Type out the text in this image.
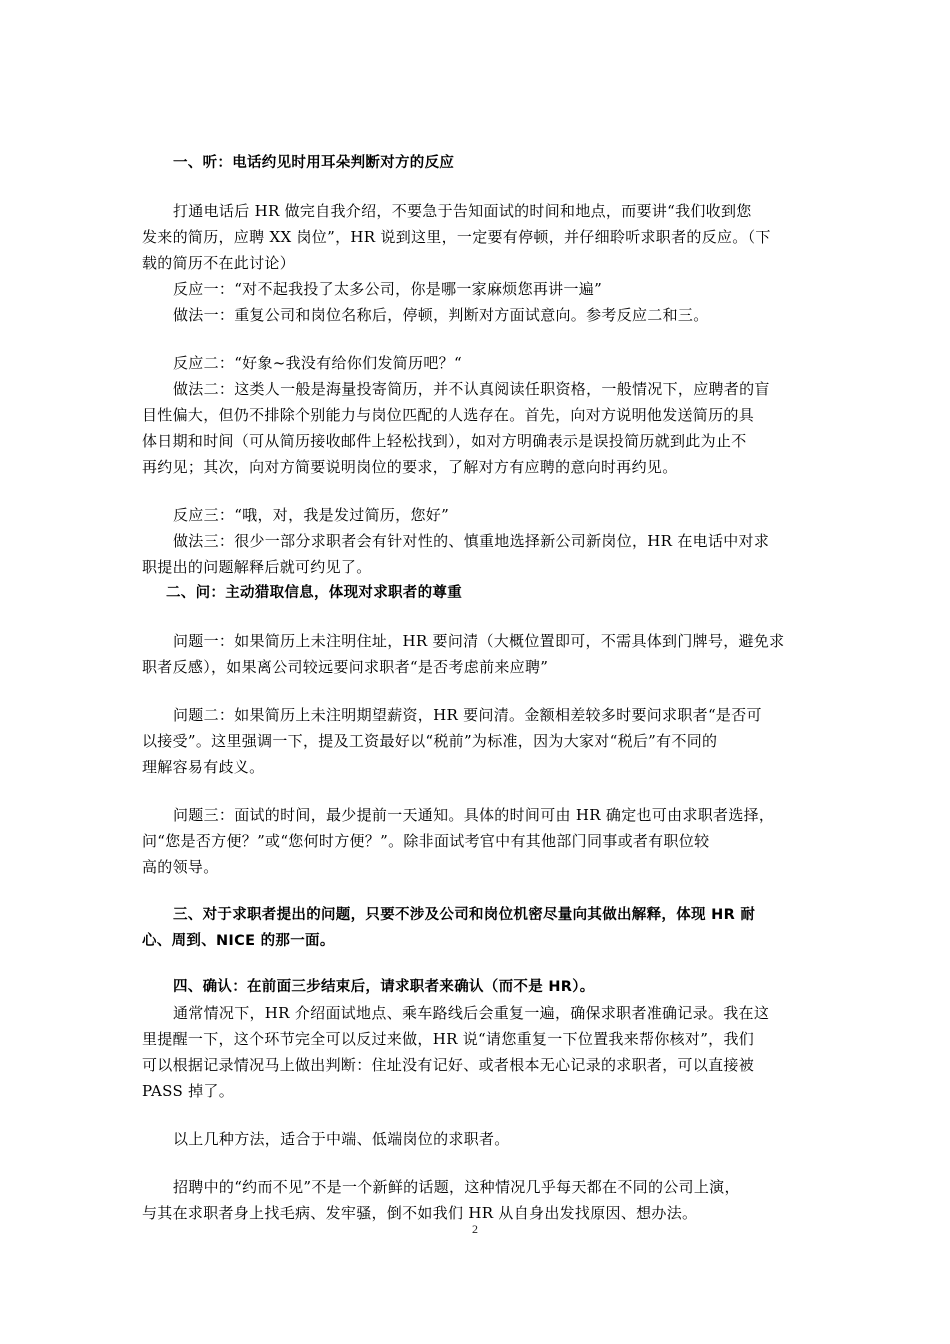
一、听：电话约见时用耳朵判断对方的反应
打通电话后 HR 做完自我介绍，不要急于告知面试的时间和地点，而要讲“我们收到您
发来的简历，应聘 XX 岗位”，HR 说到这里，一定要有停顿，并仔细聆听求职者的反应。（下
载的简历不在此讨论）
反应一：“对不起我投了太多公司，你是哪一家麻烦您再讲一遍”
做法一：重复公司和岗位名称后，停顿，判断对方面试意向。参考反应二和三。
反应二：“好象~我没有给你们发简历吧？“
做法二：这类人一般是海量投寄简历，并不认真阅读任职资格，一般情况下，应聘者的盲
目性偏大，但仍不排除个别能力与岗位匹配的人选存在。首先，向对方说明他发送简历的具
体日期和时间（可从简历接收邮件上轻松找到），如对方明确表示是误投简历就到此为止不
再约见；其次，向对方简要说明岗位的要求，了解对方有应聘的意向时再约见。
反应三：“哦，对，我是发过简历，您好”
做法三：很少一部分求职者会有针对性的、慎重地选择新公司新岗位，HR 在电话中对求
职提出的问题解释后就可约见了。
二、问：主动猎取信息，体现对求职者的尊重
问题一：如果简历上未注明住址，HR 要问清（大概位置即可，不需具体到门牌号，避免求
职者反感），如果离公司较远要问求职者“是否考虑前来应聘”
问题二：如果简历上未注明期望薪资，HR 要问清。金额相差较多时要问求职者“是否可
以接受”。这里强调一下，提及工资最好以“税前”为标准，因为大家对“税后”有不同的
理解容易有歧义。
问题三：面试的时间，最少提前一天通知。具体的时间可由 HR 确定也可由求职者选择，
问“您是否方便？”或“您何时方便？”。除非面试考官中有其他部门同事或者有职位较
高的领导。
三、对于求职者提出的问题，只要不涉及公司和岗位机密尽量向其做出解释，体现 HR 耐
心、周到、NICE 的那一面。
四、确认：在前面三步结束后，请求职者来确认（而不是 HR）。
通常情况下，HR 介绍面试地点、乘车路线后会重复一遍，确保求职者准确记录。我在这
里提醒一下，这个环节完全可以反过来做，HR 说“请您重复一下位置我来帮你核对”，我们
可以根据记录情况马上做出判断：住址没有记好、或者根本无心记录的求职者，可以直接被
PASS 掉了。
以上几种方法，适合于中端、低端岗位的求职者。
招聘中的“约而不见”不是一个新鲜的话题，这种情况几乎每天都在不同的公司上演，
与其在求职者身上找毛病、发牢骚，倒不如我们 HR 从自身出发找原因、想办法。
2
